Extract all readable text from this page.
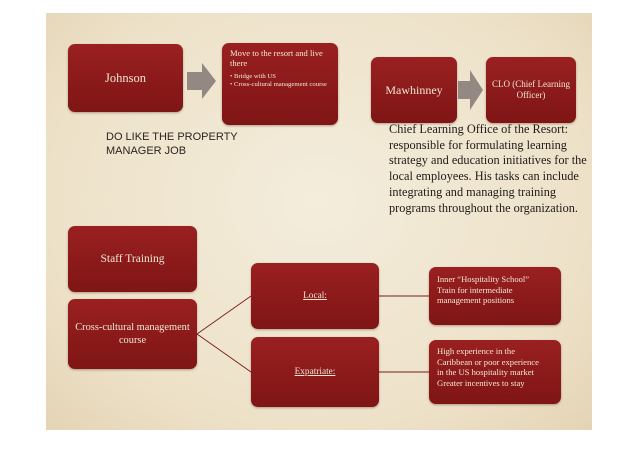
Johnson
Move to the resort and live there
• Bridge with US
• Cross-cultural management course	Mawhinney	CLO (Chief Learning Officer)
DO LIKE THE PROPERTY MANAGER JOB
Chief Learning Office of the Resort: responsible for formulating learning strategy and education initiatives for the local employees. His tasks can include integrating and managing training programs throughout the organization.
Staff Training
Cross-cultural management course
Local:
Expatriate:
Inner “Hospitality School”
Train for intermediate
management positions
High experience in the
Caribbean or poor experience
in the US hospitality market
Greater incentives to stay
